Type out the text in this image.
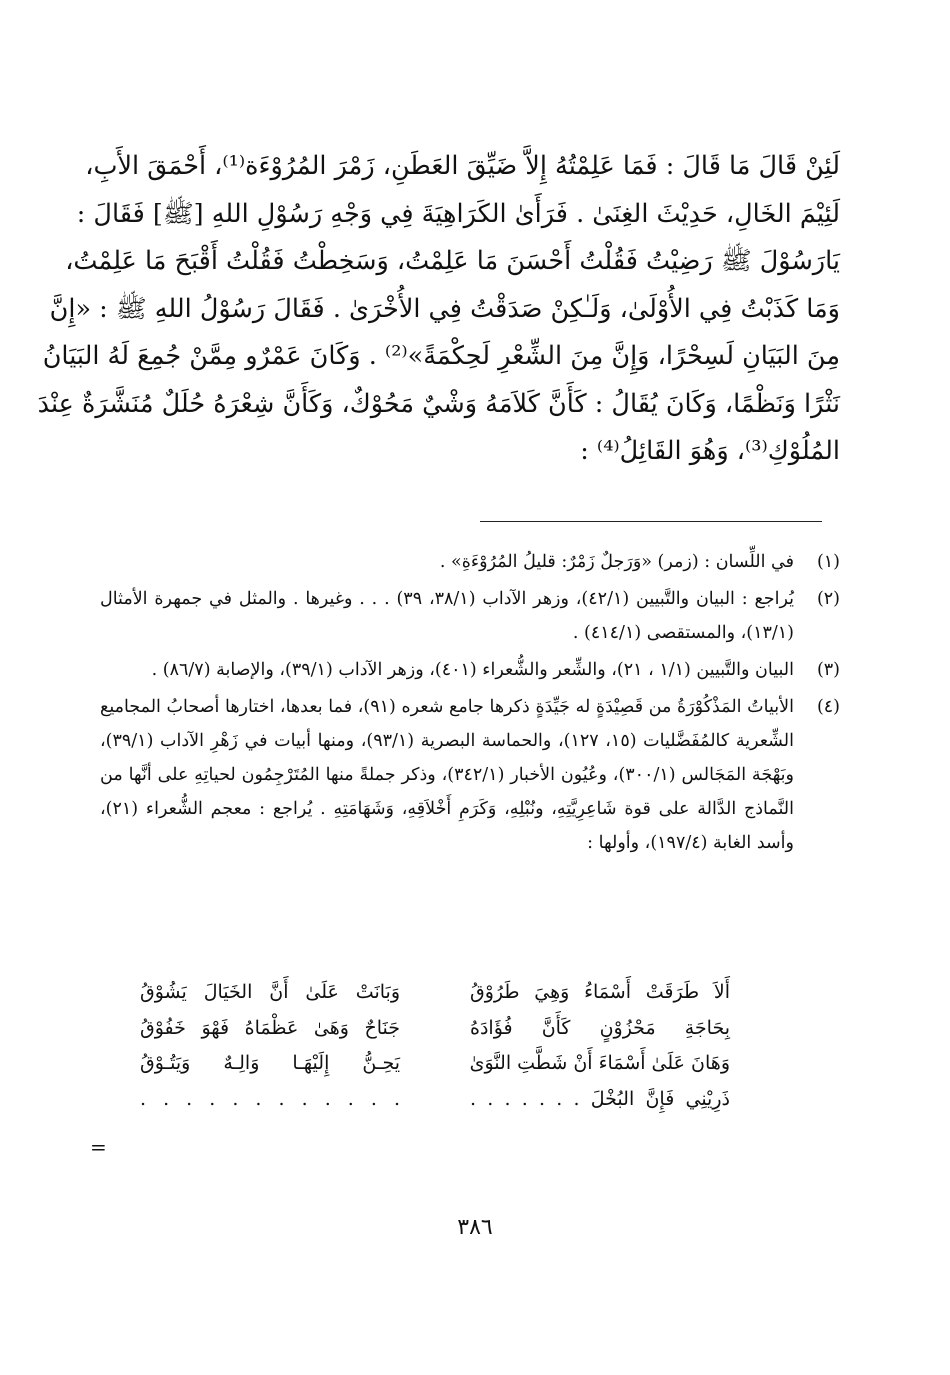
لَئِنْ قَالَ مَا قَالَ : فَمَا عَلِمْتُهُ إِلاَّ ضَيِّقَ العَطَنِ، زَمْرَ المُرُوْءَة⁽¹⁾، أَحْمَقَ الأَبِ،
لَئِيْمَ الخَالِ، حَدِيْثَ الغِنَىٰ . فَرَأَىٰ الكَرَاهِيَةَ فِي وَجْهِ رَسُوْلِ اللهِ [ﷺ] فَقَالَ :
يَارَسُوْلَ ﷺ رَضِيْتُ فَقُلْتُ أَحْسَنَ مَا عَلِمْتُ، وَسَخِطْتُ فَقُلْتُ أَقْبَحَ مَا عَلِمْتُ،
وَمَا كَذَبْتُ فِي الأُوْلَىٰ، وَلَـٰكِنْ صَدَقْتُ فِي الأُخْرَىٰ . فَقَالَ رَسُوْلُ اللهِ ﷺ : «إِنَّ
مِنَ البَيَانِ لَسِحْرًا، وَإِنَّ مِنَ الشِّعْرِ لَحِكْمَةً»⁽²⁾ . وَكَانَ عَمْرٌو مِمَّنْ جُمِعَ لَهُ البَيَانُ
نَثْرًا وَنَظْمًا، وَكَانَ يُقَالُ : كَأَنَّ كَلاَمَهُ وَشْيٌ مَحُوْكٌ، وَكَأَنَّ شِعْرَهُ حُلَلٌ مُنَشَّرَةٌ عِنْدَ
المُلُوْكِ⁽³⁾، وَهُوَ القَائِلُ⁽⁴⁾ :
(١)
في اللِّسان : (زمر) «وَرَجلٌ زَمْرٌ: قليلُ المُرُوْءَةِ» .
(٢)
يُراجع : البيان والتَّبيين (٤٢/١)، وزهر الآداب (٣٨/١، ٣٩) . . . وغيرها . والمثل في جمهرة الأمثال (١٣/١)، والمستقصى (٤١٤/١) .
(٣)
البيان والتَّبيين (١/١ ، ٢١)، والشِّعر والشُّعراء (٤٠١)، وزهر الآداب (٣٩/١)، والإصابة (٨٦/٧) .
(٤)
الأبياتُ المَذْكُوْرَةُ من قَصِيْدَةٍ له جَيِّدَةٍ ذكرها جامع شعره (٩١)، فما بعدها، اختارها أصحابُ المجاميع الشِّعرية كالمُفَضَّليات (١٥، ١٢٧)، والحماسة البصرية (٩٣/١)، ومنها أبيات في زَهْرِ الآداب (٣٩/١)، وبَهْجَة المَجَالس (٣٠٠/١)، وعُيُون الأخبار (٣٤٢/١)، وذكر جملةً منها المُتَرْجِمُون لحياتِهِ على أنَّها من النَّماذج الدَّالة على قوة شَاعِرِيَّتِهِ، ونُبْلِهِ، وَكَرَمِ أَخْلاَقِهِ، وَشَهَامَتِهِ . يُراجع : معجم الشُّعراء (٢١)، وأسد الغابة (١٩٧/٤)، وأولها :
أَلاَ طَرَقَتْ أَسْمَاءُ وَهِيَ طَرُوْقُ
وَبَانَتْ عَلَىٰ أَنَّ الخَيَالَ يَشُوْقُ
بِحَاجَةِ مَحْزُوْنٍ كَأَنَّ فُؤَادَهُ
جَنَاحٌ وَهَىٰ عَظْمَاهُ فَهْوَ خَفُوْقُ
وَهَانَ عَلَىٰ أَسْمَاءَ أَنْ شَطَّتِ النَّوَىٰ
يَحِـنُّ إِلَيْهَـا وَالِـهٌ وَيَتُـوْقُ
ذَرِيْنِي فَإِنَّ البُخْلَ . . . . . . .
. . . . . . . . . . . .
=
٣٨٦
